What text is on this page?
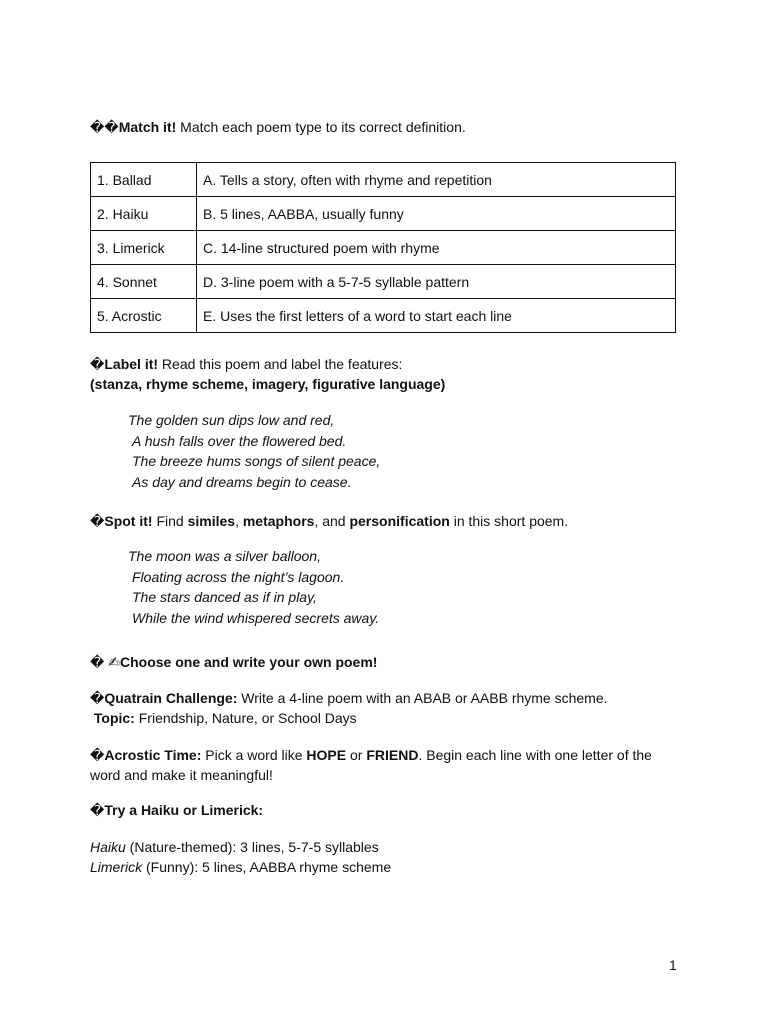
��Match it! Match each poem type to its correct definition.
1. Ballad	A. Tells a story, often with rhyme and repetition
2. Haiku	B. 5 lines, AABBA, usually funny
3. Limerick	C. 14-line structured poem with rhyme
4. Sonnet	D. 3-line poem with a 5-7-5 syllable pattern
5. Acrostic	E. Uses the first letters of a word to start each line
�Label it! Read this poem and label the features:
(stanza, rhyme scheme, imagery, figurative language)
The golden sun dips low and red,
A hush falls over the flowered bed.
The breeze hums songs of silent peace,
As day and dreams begin to cease.
�Spot it! Find similes, metaphors, and personification in this short poem.
The moon was a silver balloon,
Floating across the night’s lagoon.
The stars danced as if in play,
While the wind whispered secrets away.
� ✍Choose one and write your own poem!
�Quatrain Challenge: Write a 4-line poem with an ABAB or AABB rhyme scheme.
Topic: Friendship, Nature, or School Days
�Acrostic Time: Pick a word like HOPE or FRIEND. Begin each line with one letter of the word and make it meaningful!
�Try a Haiku or Limerick:
Haiku (Nature-themed): 3 lines, 5-7-5 syllables
Limerick (Funny): 5 lines, AABBA rhyme scheme
1
